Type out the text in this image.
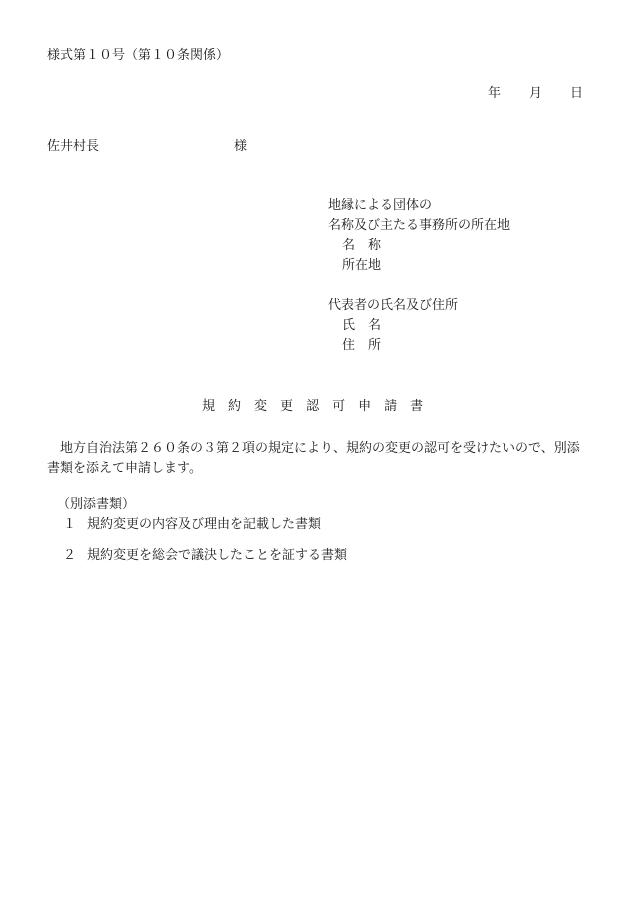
様式第１０号（第１０条関係）
年 月 日
佐井村長	様
地縁による団体の
名称及び主たる事務所の所在地
名　称
所在地
代表者の氏名及び住所
氏　名
住　所
規 約 変 更 認 可 申 請 書
地方自治法第２６０条の３第２項の規定により、規約の変更の認可を受けたいので、別添書類を添えて申請します。
（別添書類）
１ 規約変更の内容及び理由を記載した書類
２ 規約変更を総会で議決したことを証する書類
